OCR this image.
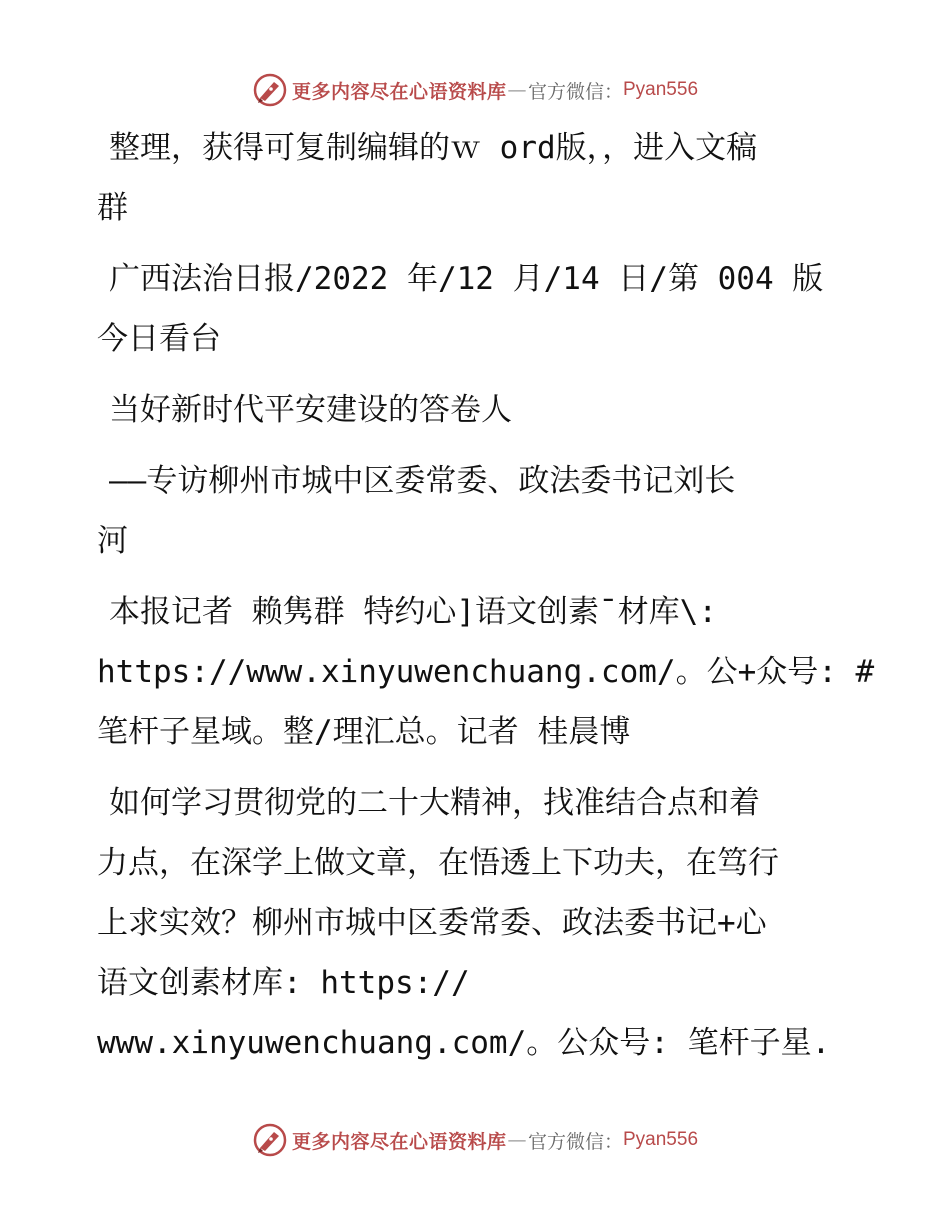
更多内容尽在心语资料库 — 官方微信： Pyan556
整理，获得可复制编辑的ｗ ord版，，进入文稿
群
广西法治日报/2022 年/12 月/14 日/第 004 版
今日看台
当好新时代平安建设的答卷人
——专访柳州市城中区委常委、政法委书记刘长
河
本报记者 赖隽群 特约心]语文创素¯材库\:
https://www.xinyuwenchuang.com/。公+众号: #
笔杆子星域。整/理汇总。记者 桂晨博
如何学习贯彻党的二十大精神，找准结合点和着
力点，在深学上做文章，在悟透上下功夫，在笃行
上求实效？柳州市城中区委常委、政法委书记+心
语文创素材库: https://
www.xinyuwenchuang.com/。公众号: 笔杆子星.
更多内容尽在心语资料库 — 官方微信： Pyan556
